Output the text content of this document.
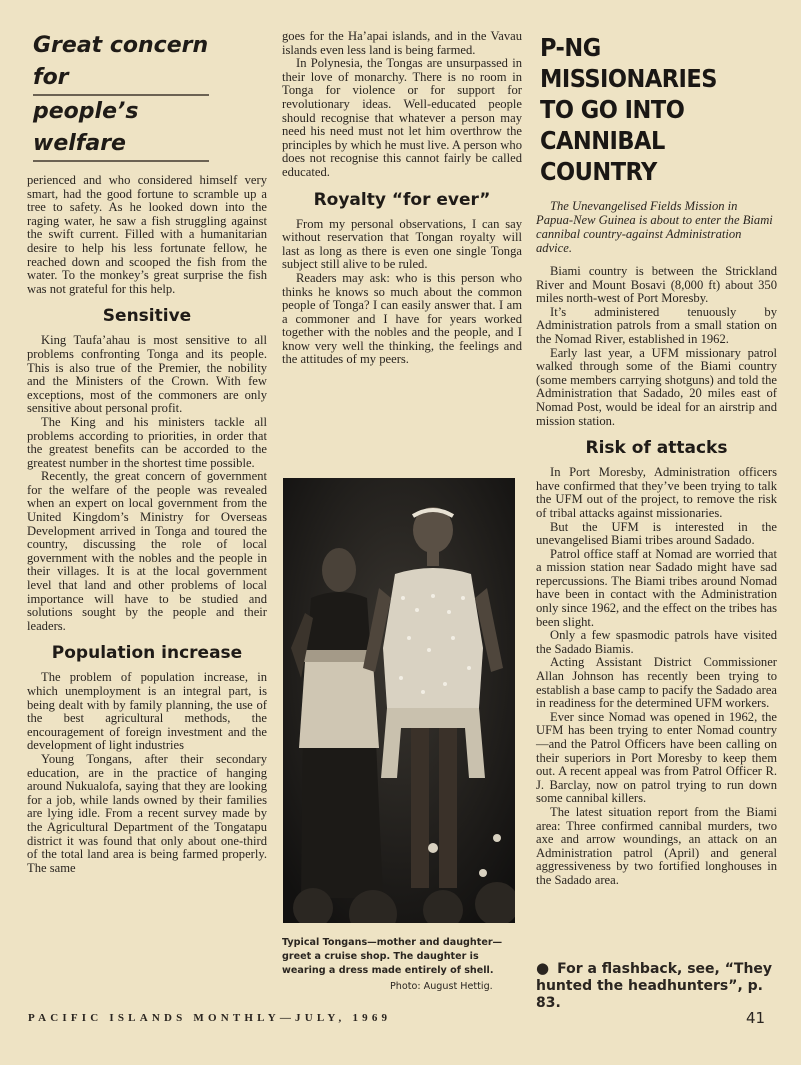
Great concern for
people’s welfare

perienced and who considered himself very smart, had the good fortune to scramble up a tree to safety. As he looked down into the raging water, he saw a fish struggling against the swift current. Filled with a humanitarian desire to help his less fortunate fellow, he reached down and scooped the fish from the water. To the monkey’s great surprise the fish was not grateful for this help.

Sensitive

King Taufa’ahau is most sensitive to all problems confronting Tonga and its people. This is also true of the Premier, the nobility and the Ministers of the Crown. With few exceptions, most of the commoners are only sensitive about personal profit.

The King and his ministers tackle all problems according to priorities, in order that the greatest benefits can be accorded to the greatest number in the shortest time possible.

Recently, the great concern of government for the welfare of the people was revealed when an expert on local government from the United Kingdom’s Ministry for Overseas Development arrived in Tonga and toured the country, discussing the role of local government with the nobles and the people in their villages. It is at the local government level that land and other problems of local importance will have to be studied and solutions sought by the people and their leaders.

Population increase

The problem of population increase, in which unemployment is an integral part, is being dealt with by family planning, the use of the best agricultural methods, the encouragement of foreign investment and the development of light industries

Young Tongans, after their secondary education, are in the practice of hanging around Nukualofa, saying that they are looking for a job, while lands owned by their families are lying idle. From a recent survey made by the Agricultural Department of the Tongatapu district it was found that only about one-third of the total land area is being farmed properly. The same

goes for the Ha’apai islands, and in the Vavau islands even less land is being farmed.

In Polynesia, the Tongas are unsurpassed in their love of monarchy. There is no room in Tonga for violence or for support for revolutionary ideas. Well-educated people should recognise that whatever a person may need his need must not let him overthrow the principles by which he must live. A person who does not recognise this cannot fairly be called educated.

Royalty “for ever”

From my personal observations, I can say without reservation that Tongan royalty will last as long as there is even one single Tonga subject still alive to be ruled.

Readers may ask: who is this person who thinks he knows so much about the common people of Tonga? I can easily answer that. I am a commoner and I have for years worked together with the nobles and the people, and I know very well the thinking, the feelings and the attitudes of my peers.

Typical Tongans—mother and daughter—greet a cruise shop. The daughter is wearing a dress made entirely of shell.
Photo: August Hettig.
P-NG MISSIONARIES
TO GO INTO
CANNIBAL COUNTRY

The Unevangelised Fields Mission in Papua-New Guinea is about to enter the Biami cannibal country-against Administration advice.

Biami country is between the Strickland River and Mount Bosavi (8,000 ft) about 350 miles north-west of Port Moresby.

It’s administered tenuously by Administration patrols from a small station on the Nomad River, established in 1962.

Early last year, a UFM missionary patrol walked through some of the Biami country (some members carrying shotguns) and told the Administration that Sadado, 20 miles east of Nomad Post, would be ideal for an airstrip and mission station.

Risk of attacks

In Port Moresby, Administration officers have confirmed that they’ve been trying to talk the UFM out of the project, to remove the risk of tribal attacks against missionaries.

But the UFM is interested in the unevangelised Biami tribes around Sadado.

Patrol office staff at Nomad are worried that a mission station near Sadado might have sad repercussions. The Biami tribes around Nomad have been in contact with the Administration only since 1962, and the effect on the tribes has been slight.

Only a few spasmodic patrols have visited the Sadado Biamis.

Acting Assistant District Commissioner Allan Johnson has recently been trying to establish a base camp to pacify the Sadado area in readiness for the determined UFM workers.

Ever since Nomad was opened in 1962, the UFM has been trying to enter Nomad country—and the Patrol Officers have been calling on their superiors in Port Moresby to keep them out. A recent appeal was from Patrol Officer R. J. Barclay, now on patrol trying to run down some cannibal killers.

The latest situation report from the Biami area: Three confirmed cannibal murders, two axe and arrow woundings, an attack on an Administration patrol (April) and general aggressiveness by two fortified longhouses in the Sadado area.

● For a flashback, see, “They hunted the headhunters”, p. 83.
PACIFIC ISLANDS MONTHLY—JULY, 1969	41
